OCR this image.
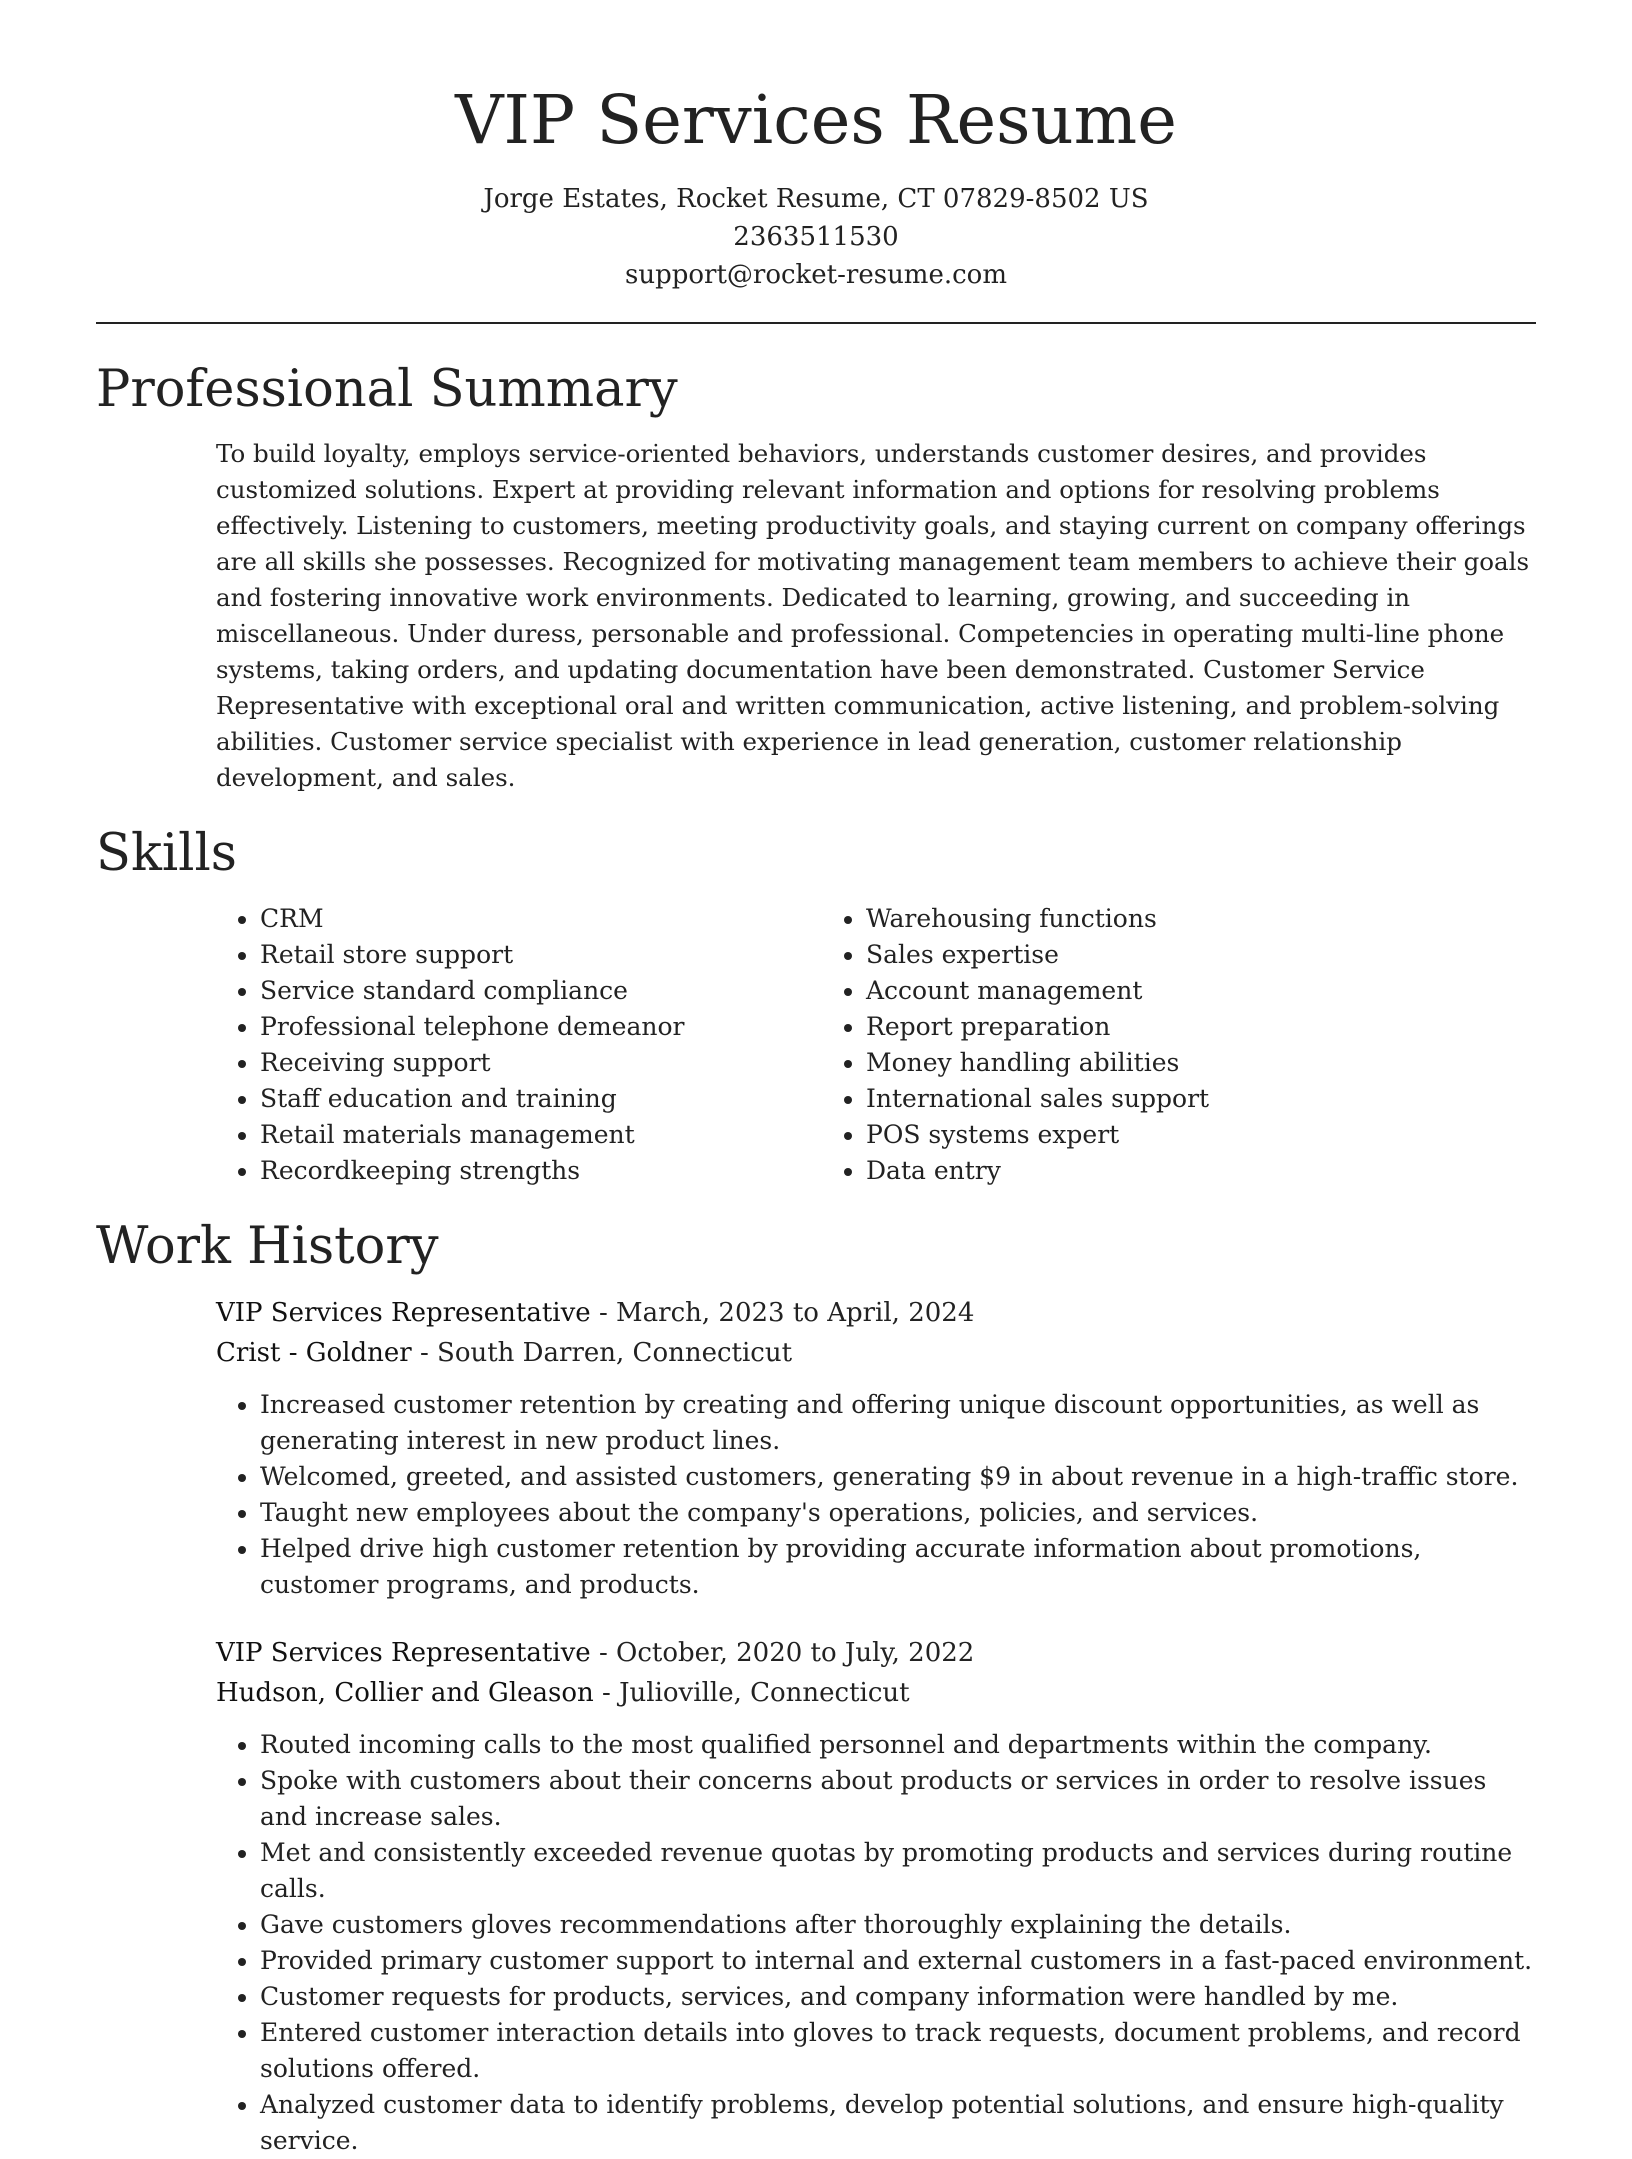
VIP Services Resume
Jorge Estates, Rocket Resume, CT 07829-8502 US
2363511530
support@rocket-resume.com
Professional Summary

To build loyalty, employs service-oriented behaviors, understands customer desires, and provides customized solutions. Expert at providing relevant information and options for resolving problems effectively. Listening to customers, meeting productivity goals, and staying current on company offerings are all skills she possesses. Recognized for motivating management team members to achieve their goals and fostering innovative work environments. Dedicated to learning, growing, and succeeding in miscellaneous. Under duress, personable and professional. Competencies in operating multi-line phone systems, taking orders, and updating documentation have been demonstrated. Customer Service Representative with exceptional oral and written communication, active listening, and problem-solving abilities. Customer service specialist with experience in lead generation, customer relationship development, and sales.

Skills
• CRM
• Retail store support
• Service standard compliance
• Professional telephone demeanor
• Receiving support
• Staff education and training
• Retail materials management
• Recordkeeping strengths
• Warehousing functions
• Sales expertise
• Account management
• Report preparation
• Money handling abilities
• International sales support
• POS systems expert
• Data entry
Work History
VIP Services Representative - March, 2023 to April, 2024
Crist - Goldner - South Darren, Connecticut
• Increased customer retention by creating and offering unique discount opportunities, as well as generating interest in new product lines.
• Welcomed, greeted, and assisted customers, generating $9 in about revenue in a high-traffic store.
• Taught new employees about the company's operations, policies, and services.
• Helped drive high customer retention by providing accurate information about promotions, customer programs, and products.
VIP Services Representative - October, 2020 to July, 2022
Hudson, Collier and Gleason - Julioville, Connecticut
• Routed incoming calls to the most qualified personnel and departments within the company.
• Spoke with customers about their concerns about products or services in order to resolve issues and increase sales.
• Met and consistently exceeded revenue quotas by promoting products and services during routine calls.
• Gave customers gloves recommendations after thoroughly explaining the details.
• Provided primary customer support to internal and external customers in a fast-paced environment.
• Customer requests for products, services, and company information were handled by me.
• Entered customer interaction details into gloves to track requests, document problems, and record solutions offered.
• Analyzed customer data to identify problems, develop potential solutions, and ensure high-quality service.
